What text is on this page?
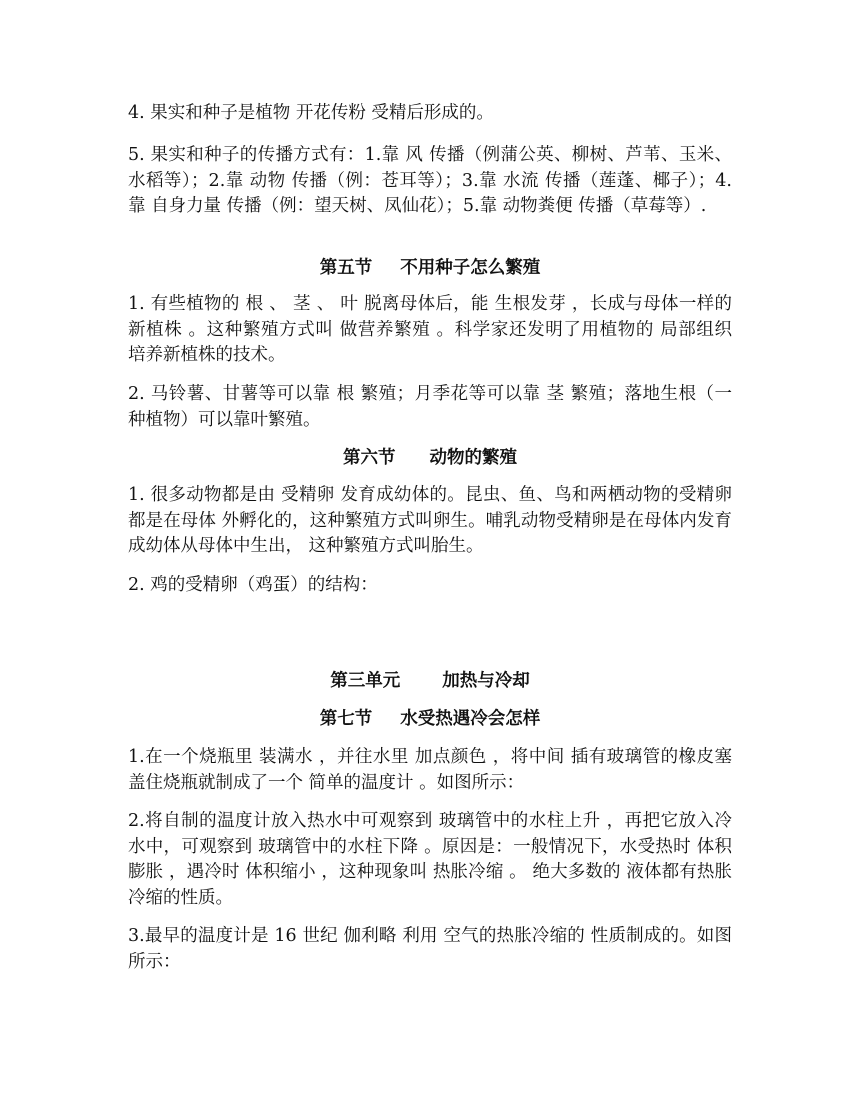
4. 果实和种子是植物 开花传粉 受精后形成的。

5. 果实和种子的传播方式有：1.靠 风 传播（例蒲公英、柳树、芦苇、玉米、水稻等）；2.靠 动物 传播（例：苍耳等）；3.靠 水流 传播（莲蓬、椰子）；4.靠 自身力量 传播（例：望天树、凤仙花）；5.靠 动物粪便 传播（草莓等）.

第五节 不用种子怎么繁殖

1. 有些植物的 根 、 茎 、 叶 脱离母体后，能 生根发芽 ，长成与母体一样的 新植株 。这种繁殖方式叫 做营养繁殖 。科学家还发明了用植物的 局部组织 培养新植株的技术。

2. 马铃薯、甘薯等可以靠 根 繁殖；月季花等可以靠 茎 繁殖；落地生根（一种植物）可以靠叶繁殖。

第六节 动物的繁殖

1. 很多动物都是由 受精卵 发育成幼体的。昆虫、鱼、鸟和两栖动物的受精卵都是在母体 外孵化的，这种繁殖方式叫卵生。哺乳动物受精卵是在母体内发育成幼体从母体中生出， 这种繁殖方式叫胎生。

2. 鸡的受精卵（鸡蛋）的结构：

第三单元 加热与冷却
第七节 水受热遇冷会怎样

1.在一个烧瓶里 装满水 ，并往水里 加点颜色 ，将中间 插有玻璃管的橡皮塞 盖住烧瓶就制成了一个 简单的温度计 。如图所示：

2.将自制的温度计放入热水中可观察到 玻璃管中的水柱上升 ，再把它放入冷水中，可观察到 玻璃管中的水柱下降 。原因是：一般情况下，水受热时 体积膨胀 ，遇冷时 体积缩小 ，这种现象叫 热胀冷缩 。 绝大多数的 液体都有热胀冷缩的性质。

3.最早的温度计是 16 世纪 伽利略 利用 空气的热胀冷缩的 性质制成的。如图所示：
